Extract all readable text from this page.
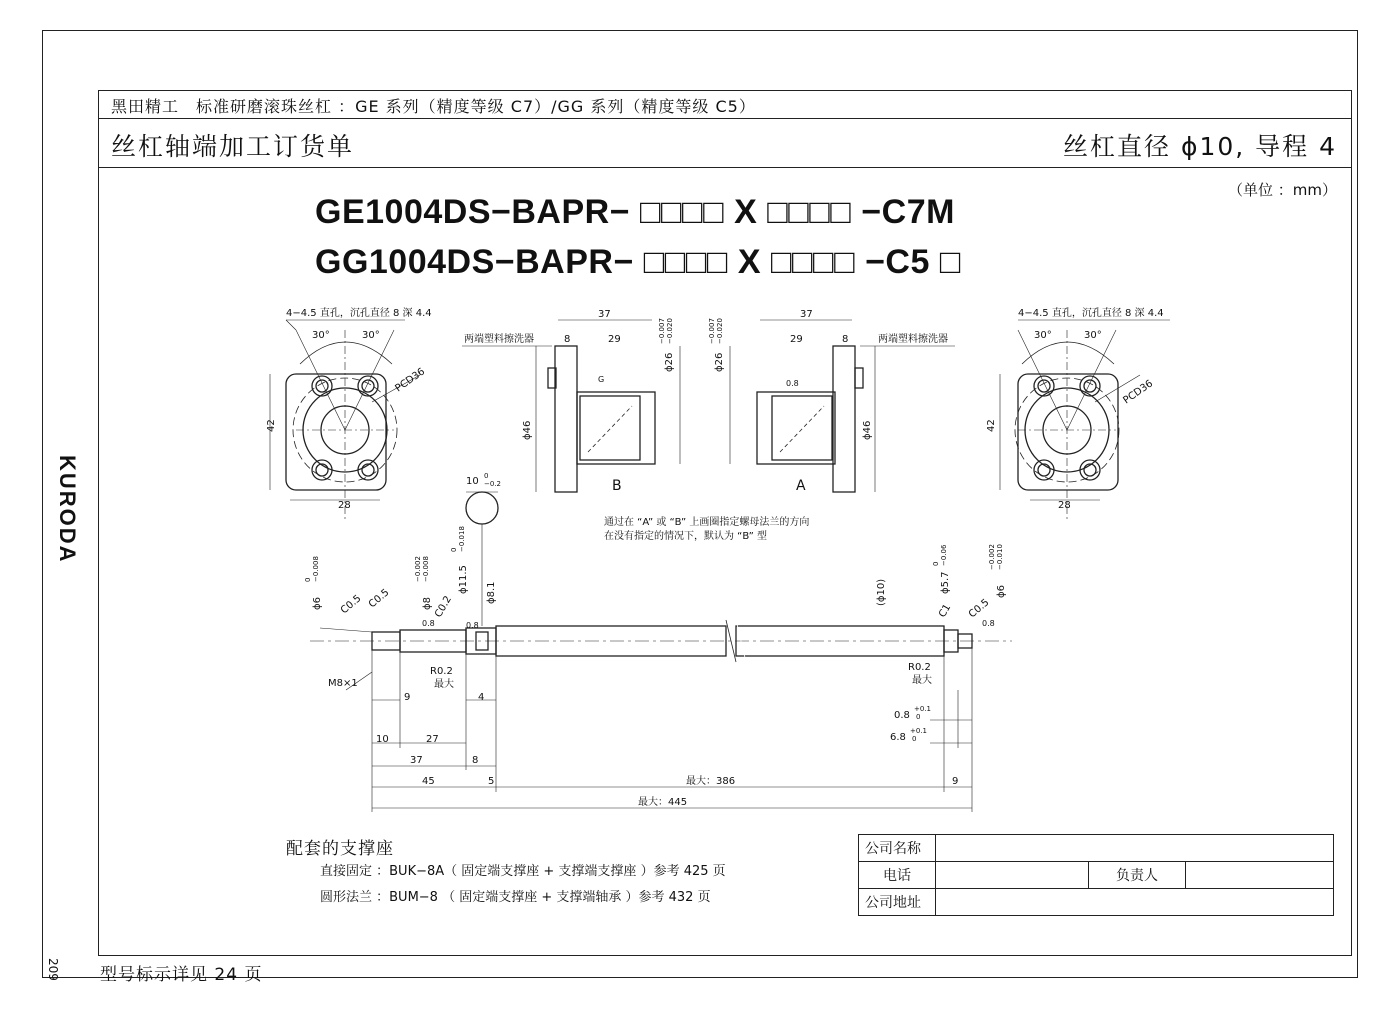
KURODA
209
黑田精工　标准研磨滚珠丝杠 ：GE 系列（精度等级 C7）/GG 系列（精度等级 C5）
丝杠轴端加工订货单	丝杠直径 ϕ10, 导程 4
（单位 ：mm）
GE1004DS−BAPR− □□□□ X □□□□ −C7M
GG1004DS−BAPR− □□□□ X □□□□ −C5 □
4−4.5 直孔，沉孔直径 8 深 4.4
30°	30°
PCD36
42
28
4−4.5 直孔，沉孔直径 8 深 4.4
30°	30°
PCD36
42
28
37
8	29
两端塑料擦洗器
ϕ26
−0.007 −0.020
ϕ46
B
G
37
29	8	两端塑料擦洗器
ϕ26
−0.007 −0.020
ϕ46
A
0.8
10 0
−0.2
ϕ6
0 −0.008
ϕ8
−0.002 −0.008	ϕ11.5
0 −0.018
ϕ8.1
C0.5 C0.5	C0.2
0.8	0.8
M8×1
R0.2
最大
(ϕ10)	ϕ5.7
0 −0.06
ϕ6
−0.002 −0.010
C1 C0.5
0.8
R0.2
最大
9	4
10	27
37	8
45	5	最大：386	9
最大：445
0.8
+0.1
0
6.8
+0.1
0
通过在 “A” 或 “B” 上画圈指定螺母法兰的方向
在没有指定的情况下，默认为 “B” 型
配套的支撑座
直接固定 ：BUK−8A（ 固定端支撑座 + 支撑端支撑座 ）参考 425 页
圆形法兰 ：BUM−8 （ 固定端支撑座 + 支撑端轴承 ）参考 432 页
公司名称			
电话		负责人	
公司地址			
型号标示详见 24 页
